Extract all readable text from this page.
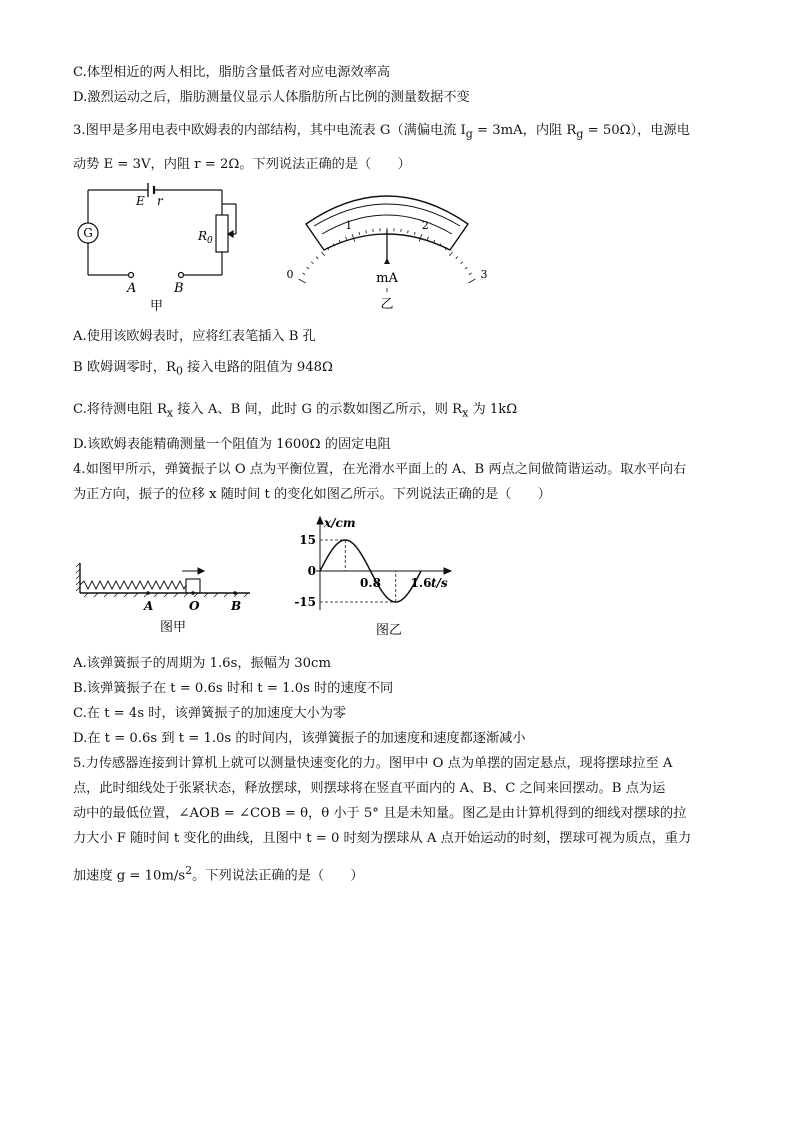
C.体型相近的两人相比，脂肪含量低者对应电源效率高
D.激烈运动之后，脂肪测量仪显示人体脂肪所占比例的测量数据不变
3.图甲是多用电表中欧姆表的内部结构，其中电流表 G（满偏电流 $I_g = 3mA$，内阻 $R_g = 50\Omega$），电源电
动势 E = 3V，内阻 r = 2Ω。下列说法正确的是（　　）
G
E r
$R_0$
A	B
甲
0
1	2
3
mA
乙
A.使用该欧姆表时，应将红表笔插入 B 孔
B 欧姆调零时，$R_0$ 接入电路的阻值为 948Ω
C.将待测电阻 $R_x$ 接入 A、B 间，此时 G 的示数如图乙所示，则 $R_x$ 为 1kΩ
D.该欧姆表能精确测量一个阻值为 1600Ω 的固定电阻
4.如图甲所示，弹簧振子以 O 点为平衡位置，在光滑水平面上的 A、B 两点之间做简谐运动。取水平向右
为正方向，振子的位移 x 随时间 t 的变化如图乙所示。下列说法正确的是（　　）
A	O	B
图甲
x/cm
t/s
15
0
-15
0.8 1.6
图乙
A.该弹簧振子的周期为 1.6s，振幅为 30cm
B.该弹簧振子在 t = 0.6s 时和 t = 1.0s 时的速度不同
C.在 t = 4s 时，该弹簧振子的加速度大小为零
D.在 t = 0.6s 到 t = 1.0s 的时间内，该弹簧振子的加速度和速度都逐渐减小
5.力传感器连接到计算机上就可以测量快速变化的力。图甲中 O 点为单摆的固定悬点，现将摆球拉至 A
点，此时细线处于张紧状态，释放摆球，则摆球将在竖直平面内的 A、B、C 之间来回摆动。B 点为运
动中的最低位置，∠AOB = ∠COB = θ，θ 小于 5° 且是未知量。图乙是由计算机得到的细线对摆球的拉
力大小 F 随时间 t 变化的曲线，且图中 t = 0 时刻为摆球从 A 点开始运动的时刻，摆球可视为质点，重力
加速度 $g = 10m/s^2$。下列说法正确的是（　　）
